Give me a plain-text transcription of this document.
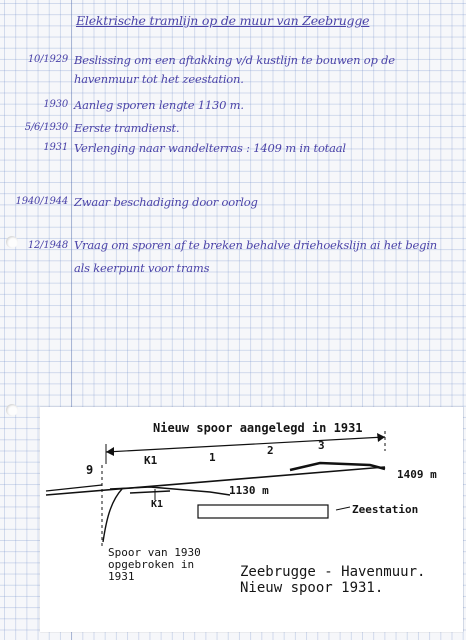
Elektrische tramlijn op de muur van Zeebrugge
10/1929 Beslissing om een aftakking v/d kustlijn te bouwen op de
havenmuur tot het zeestation.
1930 Aanleg sporen lengte 1130 m.
5/6/1930 Eerste tramdienst.
1931 Verlenging naar wandelterras : 1409 m in totaal
1940/1944 Zwaar beschadiging door oorlog
12/1948 Vraag om sporen af te breken behalve driehoekslijn ai het begin
als keerpunt voor trams
Nieuw spoor aangelegd in 1931
9
K1	1
2	3
1409 m
1130 m
K1	Zeestation
Spoor van 1930
opgebroken in
1931	Zeebrugge - Havenmuur.
Nieuw spoor 1931.
